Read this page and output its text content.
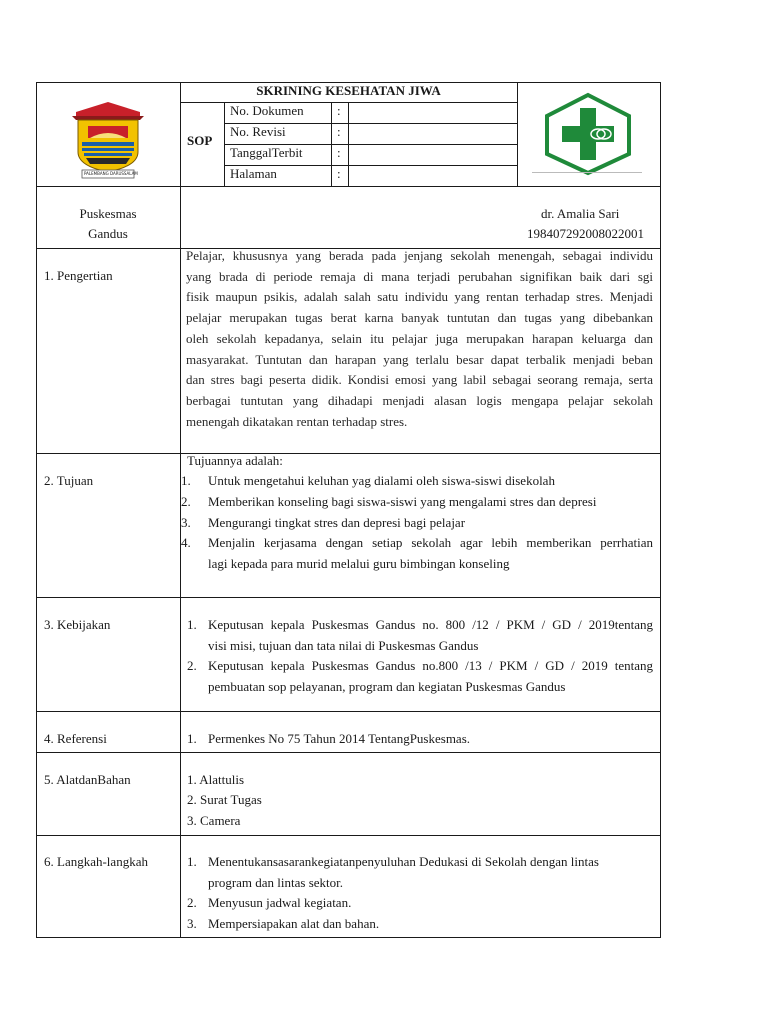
PALEMBANG DARUSSALAM
SOP
SKRINING KESEHATAN JIWA
No. Dokumen	:
No. Revisi	:
TanggalTerbit	:
Halaman	:
Puskesmas
Gandus
dr. Amalia Sari
198407292008022001
1. Pengertian
Pelajar, khususnya yang berada pada jenjang sekolah menengah, sebagai individu
yang brada di periode remaja di mana terjadi perubahan signifikan baik dari sgi
fisik maupun psikis, adalah salah satu individu yang rentan terhadap stres. Menjadi
pelajar merupakan tugas berat karna banyak tuntutan dan tugas yang dibebankan
oleh sekolah kepadanya, selain itu pelajar juga merupakan harapan keluarga dan
masyarakat. Tuntutan dan harapan yang terlalu besar dapat terbalik menjadi beban
dan stres bagi peserta didik. Kondisi emosi yang labil sebagai seorang remaja, serta
berbagai tuntutan yang dihadapi menjadi alasan logis mengapa pelajar sekolah
menengah dikatakan rentan terhadap stres.
2. Tujuan
Tujuannya adalah:
1. Untuk mengetahui keluhan yag dialami oleh siswa-siswi disekolah
2. Memberikan konseling bagi siswa-siswi yang mengalami stres dan depresi
3. Mengurangi tingkat stres dan depresi bagi pelajar
4. Menjalin kerjasama dengan setiap sekolah agar lebih memberikan perrhatian
lagi kepada para murid melalui guru bimbingan konseling
3. Kebijakan	1. Keputusan kepala Puskesmas Gandus no. 800 /12 / PKM / GD / 2019tentang
visi misi, tujuan dan tata nilai di Puskesmas Gandus
2. Keputusan kepala Puskesmas Gandus no.800 /13 / PKM / GD / 2019 tentang
pembuatan sop pelayanan, program dan kegiatan Puskesmas Gandus
4. Referensi	1. Permenkes No 75 Tahun 2014 TentangPuskesmas.
5. AlatdanBahan	1. Alattulis
2. Surat Tugas
3. Camera
6. Langkah-langkah	1. Menentukansasarankegiatanpenyuluhan Dedukasi di Sekolah dengan lintas
program dan lintas sektor.
2. Menyusun jadwal kegiatan.
3. Mempersiapakan alat dan bahan.
